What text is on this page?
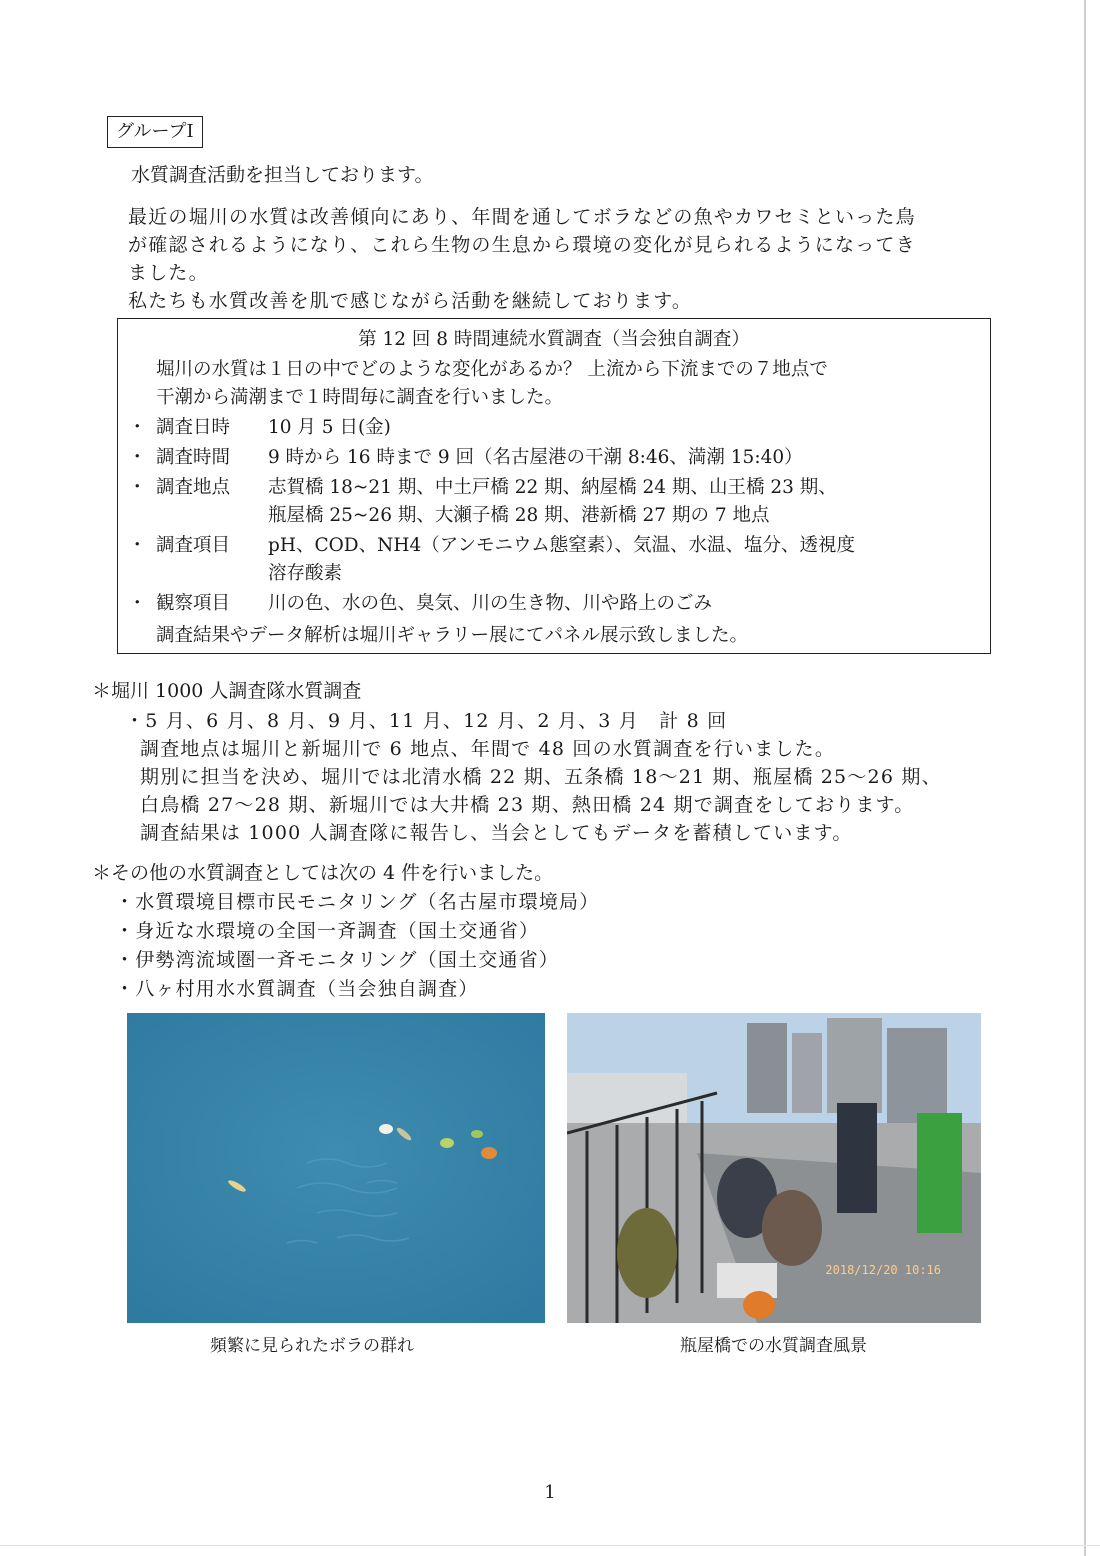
グループⅠ
水質調査活動を担当しております。
最近の堀川の水質は改善傾向にあり、年間を通してボラなどの魚やカワセミといった鳥
が確認されるようになり、これら生物の生息から環境の変化が見られるようになってき
ました。
私たちも水質改善を肌で感じながら活動を継続しております。
第 12 回 8 時間連続水質調査（当会独自調査）
堀川の水質は１日の中でどのような変化があるか？ 上流から下流までの７地点で
干潮から満潮まで１時間毎に調査を行いました。
・ 調査日時 10 月 5 日(金)
・ 調査時間 9 時から 16 時まで 9 回（名古屋港の干潮 8:46、満潮 15:40）
・ 調査地点 志賀橋 18~21 期、中土戸橋 22 期、納屋橋 24 期、山王橋 23 期、
瓶屋橋 25~26 期、大瀬子橋 28 期、港新橋 27 期の 7 地点
・ 調査項目 pH、COD、NH4（アンモニウム態窒素）、気温、水温、塩分、透視度
溶存酸素
・ 観察項目 川の色、水の色、臭気、川の生き物、川や路上のごみ
調査結果やデータ解析は堀川ギャラリー展にてパネル展示致しました。
＊堀川 1000 人調査隊水質調査
・5 月、6 月、8 月、9 月、11 月、12 月、2 月、3 月　計 8 回
調査地点は堀川と新堀川で 6 地点、年間で 48 回の水質調査を行いました。
期別に担当を決め、堀川では北清水橋 22 期、五条橋 18～21 期、瓶屋橋 25～26 期、
白鳥橋 27～28 期、新堀川では大井橋 23 期、熱田橋 24 期で調査をしております。
調査結果は 1000 人調査隊に報告し、当会としてもデータを蓄積しています。
＊その他の水質調査としては次の 4 件を行いました。
・水質環境目標市民モニタリング（名古屋市環境局）
・身近な水環境の全国一斉調査（国土交通省）
・伊勢湾流域圏一斉モニタリング（国土交通省）
・八ヶ村用水水質調査（当会独自調査）
頻繁に見られたボラの群れ
2018/12/20 10:16
瓶屋橋での水質調査風景
1
